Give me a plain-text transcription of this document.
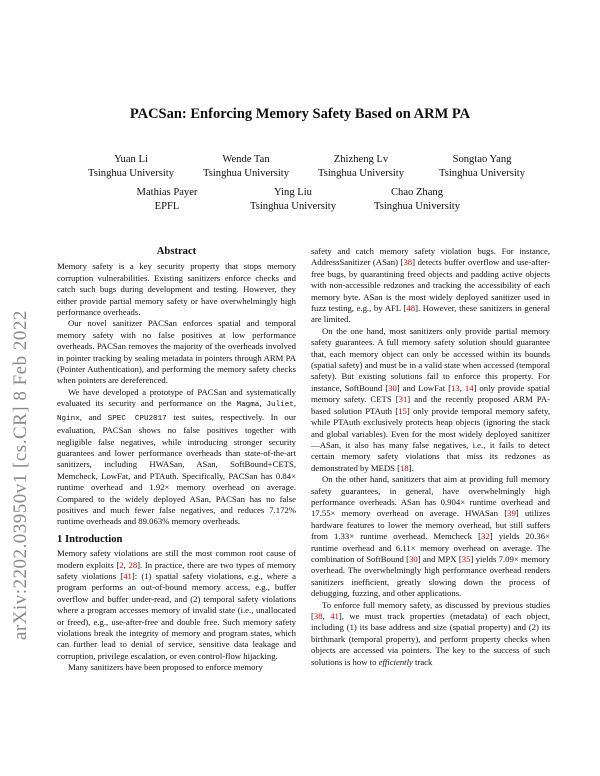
arXiv:2202.03950v1 [cs.CR] 8 Feb 2022
PACSan: Enforcing Memory Safety Based on ARM PA
Yuan Li
Tsinghua University
Wende Tan
Tsinghua University
Zhizheng Lv
Tsinghua University
Songtao Yang
Tsinghua University
Mathias Payer
EPFL
Ying Liu
Tsinghua University
Chao Zhang
Tsinghua University
Abstract

Memory safety is a key security property that stops memory corruption vulnerabilities. Existing sanitizers enforce checks and catch such bugs during development and testing. However, they either provide partial memory safety or have overwhelmingly high performance overheads.

Our novel sanitizer PACSan enforces spatial and temporal memory safety with no false positives at low performance overheads. PACSan removes the majority of the overheads involved in pointer tracking by sealing metadata in pointers through ARM PA (Pointer Authentication), and performing the memory safety checks when pointers are dereferenced.

We have developed a prototype of PACSan and systematically evaluated its security and performance on the Magma, Juliet, Nginx, and SPEC CPU2017 test suites, respectively. In our evaluation, PACSan shows no false positives together with negligible false negatives, while introducing stronger security guarantees and lower performance overheads than state-of-the-art sanitizers, including HWASan, ASan, SoftBound+CETS, Memcheck, LowFat, and PTAuth. Specifically, PACSan has 0.84× runtime overhead and 1.92× memory overhead on average. Compared to the widely deployed ASan, PACSan has no false positives and much fewer false negatives, and reduces 7.172% runtime overheads and 89.063% memory overheads.

1 Introduction

Memory safety violations are still the most common root cause of modern exploits [2, 28]. In practice, there are two types of memory safety violations [41]: (1) spatial safety violations, e.g., where a program performs an out-of-bound memory access, e.g., buffer overflow and buffer under-read, and (2) temporal safety violations where a program accesses memory of invalid state (i.e., unallocated or freed), e.g., use-after-free and double free. Such memory safety violations break the integrity of memory and program states, which can further lead to denial of service, sensitive data leakage and corruption, privilege escalation, or even control-flow hijacking.

Many sanitizers have been proposed to enforce memory

safety and catch memory safety violation bugs. For instance, AddressSanitizer (ASan) [38] detects buffer overflow and use-after-free bugs, by quarantining freed objects and padding active objects with non-accessible redzones and tracking the accessibility of each memory byte. ASan is the most widely deployed sanitizer used in fuzz testing, e.g., by AFL [48]. However, these sanitizers in general are limited.

On the one hand, most sanitizers only provide partial memory safety guarantees. A full memory safety solution should guarantee that, each memory object can only be accessed within its bounds (spatial safety) and must be in a valid state when accessed (temporal safety). But existing solutions fail to enforce this property. For instance, SoftBound [30] and LowFat [13, 14] only provide spatial memory safety. CETS [31] and the recently proposed ARM PA-based solution PTAuth [15] only provide temporal memory safety, while PTAuth exclusively protects heap objects (ignoring the stack and global variables). Even for the most widely deployed sanitizer—ASan, it also has many false negatives, i.e., it fails to detect certain memory safety violations that miss its redzones as demonstrated by MEDS [18].

On the other hand, sanitizers that aim at providing full memory safety guarantees, in general, have overwhelmingly high performance overheads. ASan has 0.904× runtime overhead and 17.55× memory overhead on average. HWASan [39] utilizes hardware features to lower the memory overhead, but still suffers from 1.33× runtime overhead. Memcheck [32] yields 20.36× runtime overhead and 6.11× memory overhead on average. The combination of SoftBound [30] and MPX [35] yields 7.09× memory overhead. The overwhelmingly high performance overhead renders sanitizers inefficient, greatly slowing down the process of debugging, fuzzing, and other applications.

To enforce full memory safety, as discussed by previous studies [38, 41], we must track properties (metadata) of each object, including (1) its base address and size (spatial property) and (2) its birthmark (temporal property), and perform property checks when objects are accessed via pointers. The key to the success of such solutions is how to efficiently track
